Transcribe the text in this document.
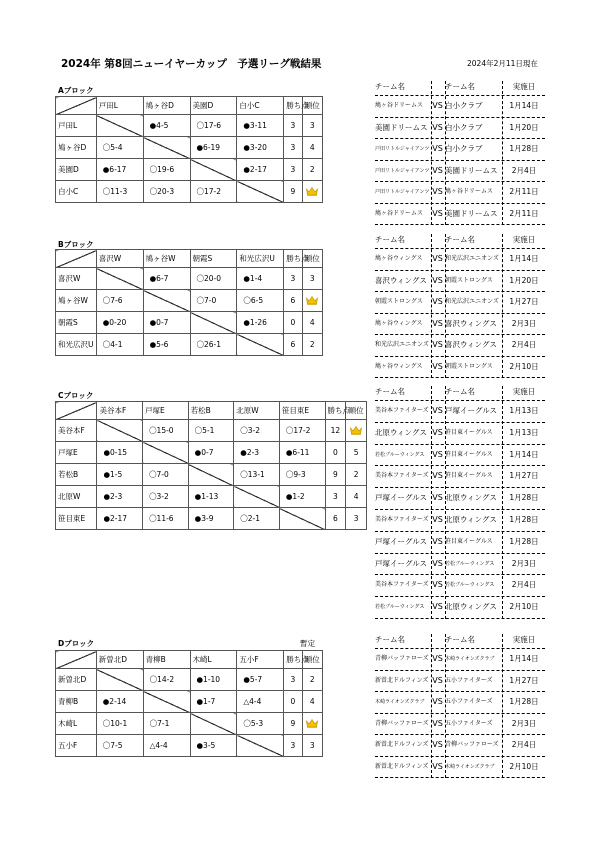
2024年 第8回ニューイヤーカップ　予選リーグ戦結果	2024年2月11日現在
Aブロック
Bブロック
Cブロック
Dブロック	暫定
	戸田L	鳩ヶ谷D	美園D	白小C	勝ち点	順位
戸田L		●4-5	〇17-6	●3-11	3	3
鳩ヶ谷D	〇5-4		●6-19	●3-20	3	4
美園D	●6-17	〇19-6		●2-17	3	2
白小C	〇11-3	〇20-3	〇17-2		9	
	喜沢W	鳩ヶ谷W	朝霞S	和光広沢U	勝ち点	順位
喜沢W		●6-7	〇20-0	●1-4	3	3
鳩ヶ谷W	〇7-6		〇7-0	〇6-5	6	
朝霞S	●0-20	●0-7		●1-26	0	4
和光広沢U	〇4-1	●5-6	〇26-1		6	2
	美谷本F	戸塚E	若松B	北原W	笹目東E	勝ち点	順位
美谷本F		〇15-0	〇5-1	〇3-2	〇17-2	12	
戸塚E	●0-15		●0-7	●2-3	●6-11	0	5
若松B	●1-5	〇7-0		〇13-1	〇9-3	9	2
北原W	●2-3	〇3-2	●1-13		●1-2	3	4
笹目東E	●2-17	〇11-6	●3-9	〇2-1		6	3
	新曽北D	青柳B	木崎L	五小F	勝ち点	順位
新曽北D		〇14-2	●1-10	●5-7	3	2
青柳B	●2-14		●1-7	△4-4	0	4
木崎L	〇10-1	〇7-1		〇5-3	9	
五小F	〇7-5	△4-4	●3-5		3	3
チーム名	チーム名	実施日
鳩ヶ谷ドリームス	VS 白小クラブ	1月14日
美園ドリームス VS 白小クラブ	1月20日
戸田リトルジャイアンツ VS 白小クラブ	1月28日
戸田リトルジャイアンツ VS 美園ドリームス	2月4日
戸田リトルジャイアンツ VS 鳩ヶ谷ドリームス	2月11日
鳩ヶ谷ドリームス	VS 美園ドリームス	2月11日
チーム名	チーム名	実施日
鳩ヶ谷ウィングス	VS 和光広沢ユニオンズ	1月14日
喜沢ウィングス VS 朝霞ストロングス	1月20日
朝霞ストロングス	VS 和光広沢ユニオンズ	1月27日
鳩ヶ谷ウィングス	VS 喜沢ウィングス	2月3日
和光広沢ユニオンズ VS 喜沢ウィングス	2月4日
鳩ヶ谷ウィングス	VS 朝霞ストロングス	2月10日
チーム名	チーム名	実施日
美谷本ファイターズ VS 戸塚イーグルス	1月13日
北原ウィングス VS 笹目東イーグルス	1月13日
若松ブルーウィングス VS 笹目東イーグルス	1月14日
美谷本ファイターズ VS 笹目東イーグルス	1月27日
戸塚イーグルス VS 北原ウィングス	1月28日
美谷本ファイターズ VS 北原ウィングス	1月28日
戸塚イーグルス VS 笹目東イーグルス	1月28日
戸塚イーグルス VS 若松ブルーウィングス	2月3日
美谷本ファイターズ VS 若松ブルーウィングス	2月4日
若松ブルーウィングス VS 北原ウィングス	2月10日
チーム名	チーム名	実施日
青柳バッファローズ VS 木崎ライオンズクラブ	1月14日
新曽北ドルフィンズ VS 五小ファイターズ	1月27日
木崎ライオンズクラブ VS 五小ファイターズ	1月28日
青柳バッファローズ VS 五小ファイターズ	2月3日
新曽北ドルフィンズ VS 青柳バッファローズ	2月4日
新曽北ドルフィンズ VS 木崎ライオンズクラブ	2月10日
